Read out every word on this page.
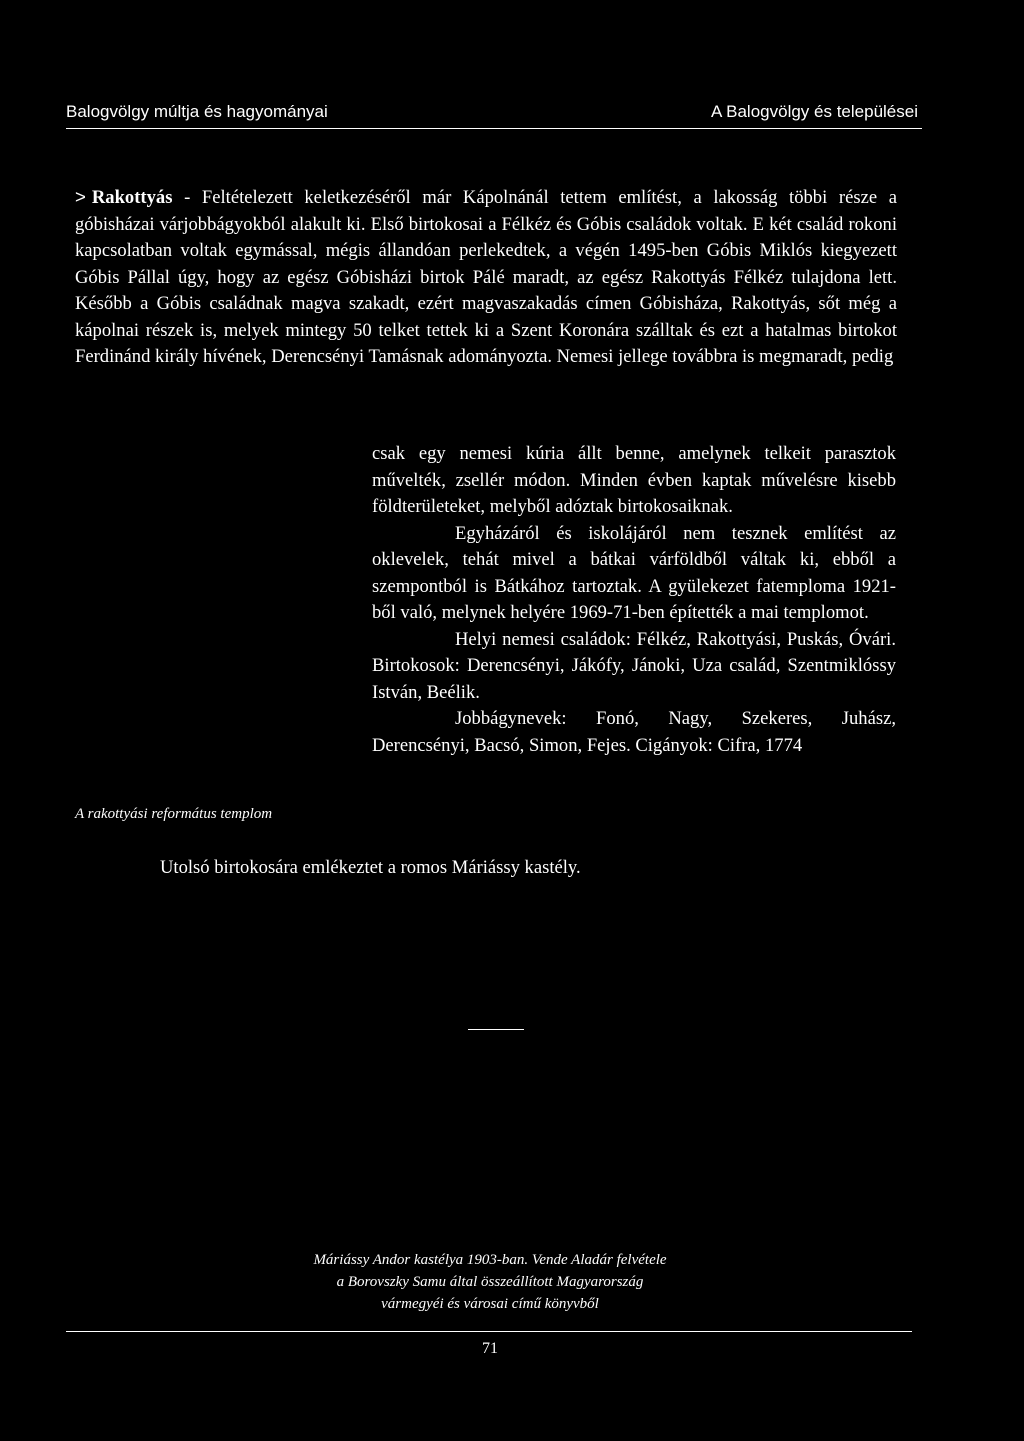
Balogvölgy múltja és hagyományai	A Balogvölgy és települései
> Rakottyás - Feltételezett keletkezéséről már Kápolnánál tettem említést, a lakosság többi része a góbisházai várjobbágyokból alakult ki. Első birtokosai a Félkéz és Góbis családok voltak. E két család rokoni kapcsolatban voltak egymással, mégis állandóan perlekedtek, a végén 1495-ben Góbis Miklós kiegyezett Góbis Pállal úgy, hogy az egész Góbisházi birtok Pálé maradt, az egész Rakottyás Félkéz tulajdona lett. Később a Góbis családnak magva szakadt, ezért magvaszakadás címen Góbisháza, Rakottyás, sőt még a kápolnai részek is, melyek mintegy 50 telket tettek ki a Szent Koronára szálltak és ezt a hatalmas birtokot Ferdinánd király hívének, Derencsényi Tamásnak adományozta. Nemesi jellege továbbra is megmaradt, pedig

csak egy nemesi kúria állt benne, amelynek telkeit parasztok művelték, zsellér módon. Minden évben kaptak művelésre kisebb földterületeket, melyből adóztak birtokosaiknak.

Egyházáról és iskolájáról nem tesznek említést az oklevelek, tehát mivel a bátkai várföldből váltak ki, ebből a szempontból is Bátkához tartoztak. A gyülekezet fatemploma 1921-ből való, melynek helyére 1969-71-ben építették a mai templomot.

Helyi nemesi családok: Félkéz, Rakottyási, Puskás, Óvári. Birtokosok: Derencsényi, Jákófy, Jánoki, Uza család, Szentmiklóssy István, Beélik.

Jobbágynevek: Fonó, Nagy, Szekeres, Juhász, Derencsényi, Bacsó, Simon, Fejes. Cigányok: Cifra, 1774

A rakottyási református templom
Utolsó birtokosára emlékeztet a romos Máriássy kastély.
Máriássy Andor kastélya 1903-ban. Vende Aladár felvétele
a Borovszky Samu által összeállított Magyarország
vármegyéi és városai című könyvből
71
